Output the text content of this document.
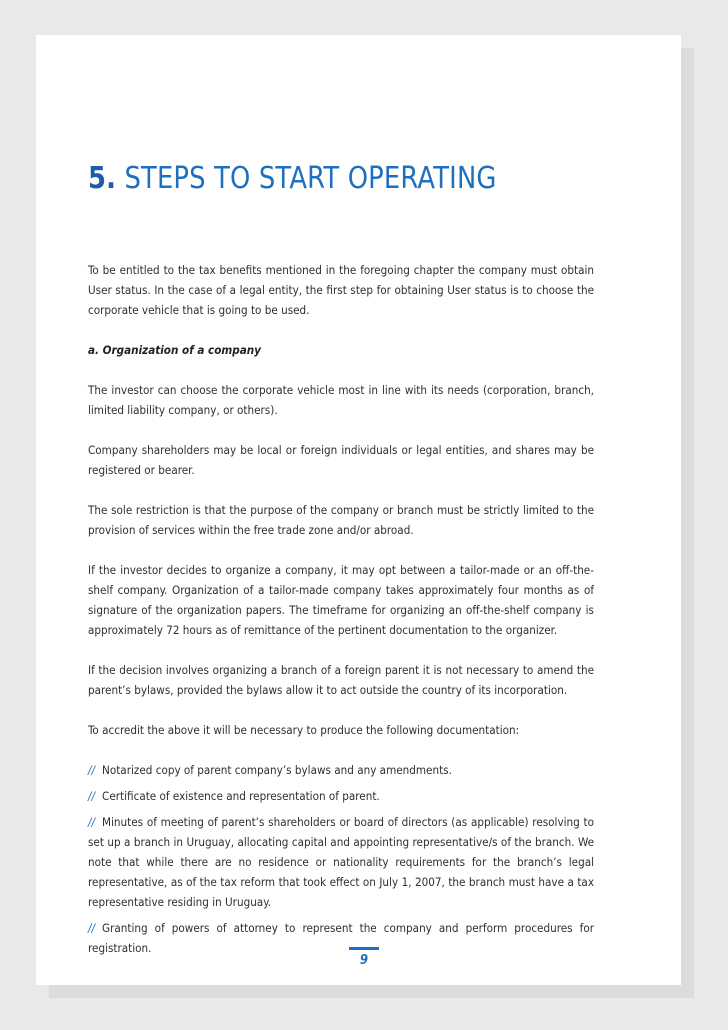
5. STEPS TO START OPERATING

To be entitled to the tax benefits mentioned in the foregoing chapter the company must obtain User status. In the case of a legal entity, the first step for obtaining User status is to choose the corporate vehicle that is going to be used.

a. Organization of a company

The investor can choose the corporate vehicle most in line with its needs (corporation, branch, limited liability company, or others).

Company shareholders may be local or foreign individuals or legal entities, and shares may be registered or bearer.

The sole restriction is that the purpose of the company or branch must be strictly limited to the provision of services within the free trade zone and/or abroad.

If the investor decides to organize a company, it may opt between a tailor-made or an off-the-shelf company. Organization of a tailor-made company takes approximately four months as of signature of the organization papers. The timeframe for organizing an off-the-shelf company is approximately 72 hours as of remittance of the pertinent documentation to the organizer.

If the decision involves organizing a branch of a foreign parent it is not necessary to amend the parent’s bylaws, provided the bylaws allow it to act outside the country of its incorporation.

To accredit the above it will be necessary to produce the following documentation:

// Notarized copy of parent company’s bylaws and any amendments.
// Certificate of existence and representation of parent.
// Minutes of meeting of parent’s shareholders or board of directors (as applicable) resolving to set up a branch in Uruguay, allocating capital and appointing representative/s of the branch. We note that while there are no residence or nationality requirements for the branch’s legal representative, as of the tax reform that took effect on July 1, 2007, the branch must have a tax representative residing in Uruguay.
// Granting of powers of attorney to represent the company and perform procedures for registration.
9
